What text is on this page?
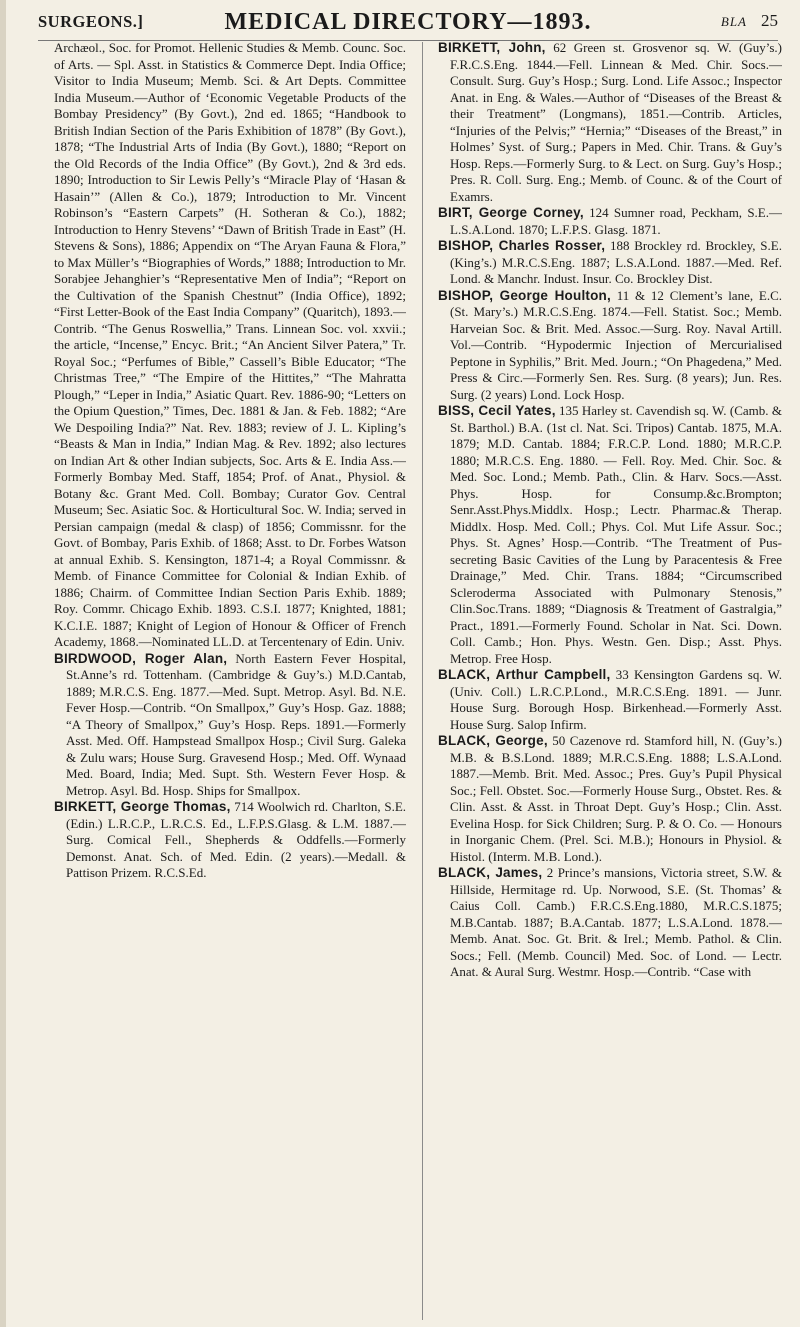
SURGEONS.]	MEDICAL DIRECTORY—1893.	BLA 25

Archæol., Soc. for Promot. Hellenic Studies & Memb. Counc. Soc. of Arts. — Spl. Asst. in Statistics & Commerce Dept. India Office; Visitor to India Museum; Memb. Sci. & Art Depts. Committee India Museum.—Author of ‘Economic Vegetable Products of the Bombay Presidency” (By Govt.), 2nd ed. 1865; “Handbook to British Indian Section of the Paris Exhibition of 1878” (By Govt.), 1878; “The Industrial Arts of India (By Govt.), 1880; “Report on the Old Records of the India Office” (By Govt.), 2nd & 3rd eds. 1890; Introduction to Sir Lewis Pelly’s “Miracle Play of ‘Hasan & Hasain’” (Allen & Co.), 1879; Introduction to Mr. Vincent Robinson’s “Eastern Carpets” (H. Sotheran & Co.), 1882; Introduction to Henry Stevens’ “Dawn of British Trade in East” (H. Stevens & Sons), 1886; Appendix on “The Aryan Fauna & Flora,” to Max Müller’s “Biographies of Words,” 1888; Introduction to Mr. Sorabjee Jehanghier’s “Representative Men of India”; “Report on the Cultivation of the Spanish Chestnut” (India Office), 1892; “First Letter-Book of the East India Company” (Quaritch), 1893.—Contrib. “The Genus Roswellia,” Trans. Linnean Soc. vol. xxvii.; the article, “Incense,” Encyc. Brit.; “An Ancient Silver Patera,” Tr. Royal Soc.; “Perfumes of Bible,” Cassell’s Bible Educator; “The Christmas Tree,” “The Empire of the Hittites,” “The Mahratta Plough,” “Leper in India,” Asiatic Quart. Rev. 1886-90; “Letters on the Opium Question,” Times, Dec. 1881 & Jan. & Feb. 1882; “Are We Despoiling India?” Nat. Rev. 1883; review of J. L. Kipling’s “Beasts & Man in India,” Indian Mag. & Rev. 1892; also lectures on Indian Art & other Indian subjects, Soc. Arts & E. India Ass.—Formerly Bombay Med. Staff, 1854; Prof. of Anat., Physiol. & Botany &c. Grant Med. Coll. Bombay; Curator Gov. Central Museum; Sec. Asiatic Soc. & Horticultural Soc. W. India; served in Persian campaign (medal & clasp) of 1856; Commissnr. for the Govt. of Bombay, Paris Exhib. of 1868; Asst. to Dr. Forbes Watson at annual Exhib. S. Kensington, 1871-4; a Royal Commissnr. & Memb. of Finance Committee for Colonial & Indian Exhib. of 1886; Chairm. of Committee Indian Section Paris Exhib. 1889; Roy. Commr. Chicago Exhib. 1893. C.S.I. 1877; Knighted, 1881; K.C.I.E. 1887; Knight of Legion of Honour & Officer of French Academy, 1868.—Nominated LL.D. at Tercentenary of Edin. Univ.

BIRDWOOD, Roger Alan, North Eastern Fever Hospital, St.Anne’s rd. Tottenham. (Cambridge & Guy’s.) M.D.Cantab, 1889; M.R.C.S. Eng. 1877.—Med. Supt. Metrop. Asyl. Bd. N.E. Fever Hosp.—Contrib. “On Smallpox,” Guy’s Hosp. Gaz. 1888; “A Theory of Smallpox,” Guy’s Hosp. Reps. 1891.—Formerly Asst. Med. Off. Hampstead Smallpox Hosp.; Civil Surg. Galeka & Zulu wars; House Surg. Gravesend Hosp.; Med. Off. Wynaad Med. Board, India; Med. Supt. Sth. Western Fever Hosp. & Metrop. Asyl. Bd. Hosp. Ships for Smallpox.

BIRKETT, George Thomas, 714 Woolwich rd. Charlton, S.E. (Edin.) L.R.C.P., L.R.C.S. Ed., L.F.P.S.Glasg. & L.M. 1887.—Surg. Comical Fell., Shepherds & Oddfells.—Formerly Demonst. Anat. Sch. of Med. Edin. (2 years).—Medall. & Pattison Prizem. R.C.S.Ed.

BIRKETT, John, 62 Green st. Grosvenor sq. W. (Guy’s.) F.R.C.S.Eng. 1844.—Fell. Linnean & Med. Chir. Socs.—Consult. Surg. Guy’s Hosp.; Surg. Lond. Life Assoc.; Inspector Anat. in Eng. & Wales.—Author of “Diseases of the Breast & their Treatment” (Longmans), 1851.—Contrib. Articles, “Injuries of the Pelvis;” “Hernia;” “Diseases of the Breast,” in Holmes’ Syst. of Surg.; Papers in Med. Chir. Trans. & Guy’s Hosp. Reps.—Formerly Surg. to & Lect. on Surg. Guy’s Hosp.; Pres. R. Coll. Surg. Eng.; Memb. of Counc. & of the Court of Examrs.

BIRT, George Corney, 124 Sumner road, Peckham, S.E.—L.S.A.Lond. 1870; L.F.P.S. Glasg. 1871.

BISHOP, Charles Rosser, 188 Brockley rd. Brockley, S.E. (King’s.) M.R.C.S.Eng. 1887; L.S.A.Lond. 1887.—Med. Ref. Lond. & Manchr. Indust. Insur. Co. Brockley Dist.

BISHOP, George Houlton, 11 & 12 Clement’s lane, E.C. (St. Mary’s.) M.R.C.S.Eng. 1874.—Fell. Statist. Soc.; Memb. Harveian Soc. & Brit. Med. Assoc.—Surg. Roy. Naval Artill. Vol.—Contrib. “Hypodermic Injection of Mercurialised Peptone in Syphilis,” Brit. Med. Journ.; “On Phagedena,” Med. Press & Circ.—Formerly Sen. Res. Surg. (8 years); Jun. Res. Surg. (2 years) Lond. Lock Hosp.

BISS, Cecil Yates, 135 Harley st. Cavendish sq. W. (Camb. & St. Barthol.) B.A. (1st cl. Nat. Sci. Tripos) Cantab. 1875, M.A. 1879; M.D. Cantab. 1884; F.R.C.P. Lond. 1880; M.R.C.P. 1880; M.R.C.S. Eng. 1880. — Fell. Roy. Med. Chir. Soc. & Med. Soc. Lond.; Memb. Path., Clin. & Harv. Socs.—Asst. Phys. Hosp. for Consump.&c.Brompton; Senr.Asst.Phys.Middlx. Hosp.; Lectr. Pharmac.& Therap. Middlx. Hosp. Med. Coll.; Phys. Col. Mut Life Assur. Soc.; Phys. St. Agnes’ Hosp.—Contrib. “The Treatment of Pus-secreting Basic Cavities of the Lung by Paracentesis & Free Drainage,” Med. Chir. Trans. 1884; “Circumscribed Scleroderma Associated with Pulmonary Stenosis,” Clin.Soc.Trans. 1889; “Diagnosis & Treatment of Gastralgia,” Pract., 1891.—Formerly Found. Scholar in Nat. Sci. Down. Coll. Camb.; Hon. Phys. Westn. Gen. Disp.; Asst. Phys. Metrop. Free Hosp.

BLACK, Arthur Campbell, 33 Kensington Gardens sq. W. (Univ. Coll.) L.R.C.P.Lond., M.R.C.S.Eng. 1891. — Junr. House Surg. Borough Hosp. Birkenhead.—Formerly Asst. House Surg. Salop Infirm.

BLACK, George, 50 Cazenove rd. Stamford hill, N. (Guy’s.) M.B. & B.S.Lond. 1889; M.R.C.S.Eng. 1888; L.S.A.Lond. 1887.—Memb. Brit. Med. Assoc.; Pres. Guy’s Pupil Physical Soc.; Fell. Obstet. Soc.—Formerly House Surg., Obstet. Res. & Clin. Asst. & Asst. in Throat Dept. Guy’s Hosp.; Clin. Asst. Evelina Hosp. for Sick Children; Surg. P. & O. Co. — Honours in Inorganic Chem. (Prel. Sci. M.B.); Honours in Physiol. & Histol. (Interm. M.B. Lond.).

BLACK, James, 2 Prince’s mansions, Victoria street, S.W. & Hillside, Hermitage rd. Up. Norwood, S.E. (St. Thomas’ & Caius Coll. Camb.) F.R.C.S.Eng.1880, M.R.C.S.1875; M.B.Cantab. 1887; B.A.Cantab. 1877; L.S.A.Lond. 1878.—Memb. Anat. Soc. Gt. Brit. & Irel.; Memb. Pathol. & Clin. Socs.; Fell. (Memb. Council) Med. Soc. of Lond. — Lectr. Anat. & Aural Surg. Westmr. Hosp.—Contrib. “Case with
